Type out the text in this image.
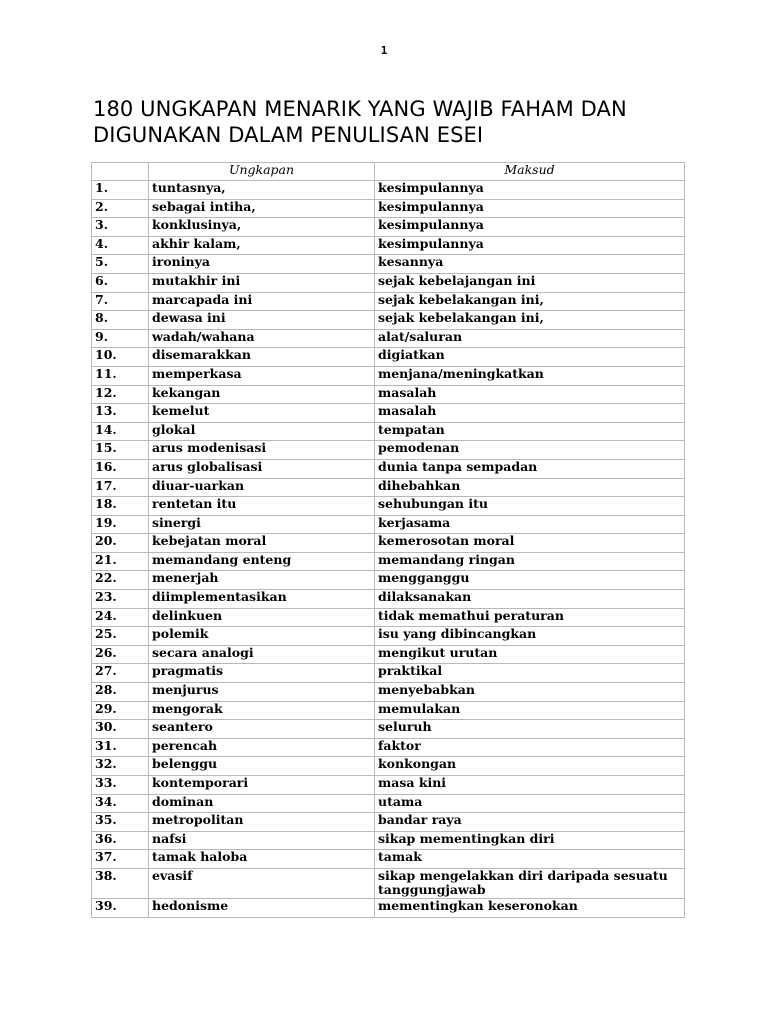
1
180 UNGKAPAN MENARIK YANG WAJIB FAHAM DAN
DIGUNAKAN DALAM PENULISAN ESEI
	Ungkapan	Maksud
1.	tuntasnya,	kesimpulannya
2.	sebagai intiha,	kesimpulannya
3.	konklusinya,	kesimpulannya
4.	akhir kalam,	kesimpulannya
5.	ironinya	kesannya
6.	mutakhir ini	sejak kebelajangan ini
7.	marcapada ini	sejak kebelakangan ini,
8.	dewasa ini	sejak kebelakangan ini,
9.	wadah/wahana	alat/saluran
10.	disemarakkan	digiatkan
11.	memperkasa	menjana/meningkatkan
12.	kekangan	masalah
13.	kemelut	masalah
14.	glokal	tempatan
15.	arus modenisasi	pemodenan
16.	arus globalisasi	dunia tanpa sempadan
17.	diuar-uarkan	dihebahkan
18.	rentetan itu	sehubungan itu
19.	sinergi	kerjasama
20.	kebejatan moral	kemerosotan moral
21.	memandang enteng	memandang ringan
22.	menerjah	mengganggu
23.	diimplementasikan	dilaksanakan
24.	delinkuen	tidak memathui peraturan
25.	polemik	isu yang dibincangkan
26.	secara analogi	mengikut urutan
27.	pragmatis	praktikal
28.	menjurus	menyebabkan
29.	mengorak	memulakan
30.	seantero	seluruh
31.	perencah	faktor
32.	belenggu	konkongan
33.	kontemporari	masa kini
34.	dominan	utama
35.	metropolitan	bandar raya
36.	nafsi	sikap mementingkan diri
37.	tamak haloba	tamak
38.	evasif	sikap mengelakkan diri daripada sesuatu tanggungjawab
39.	hedonisme	mementingkan keseronokan
